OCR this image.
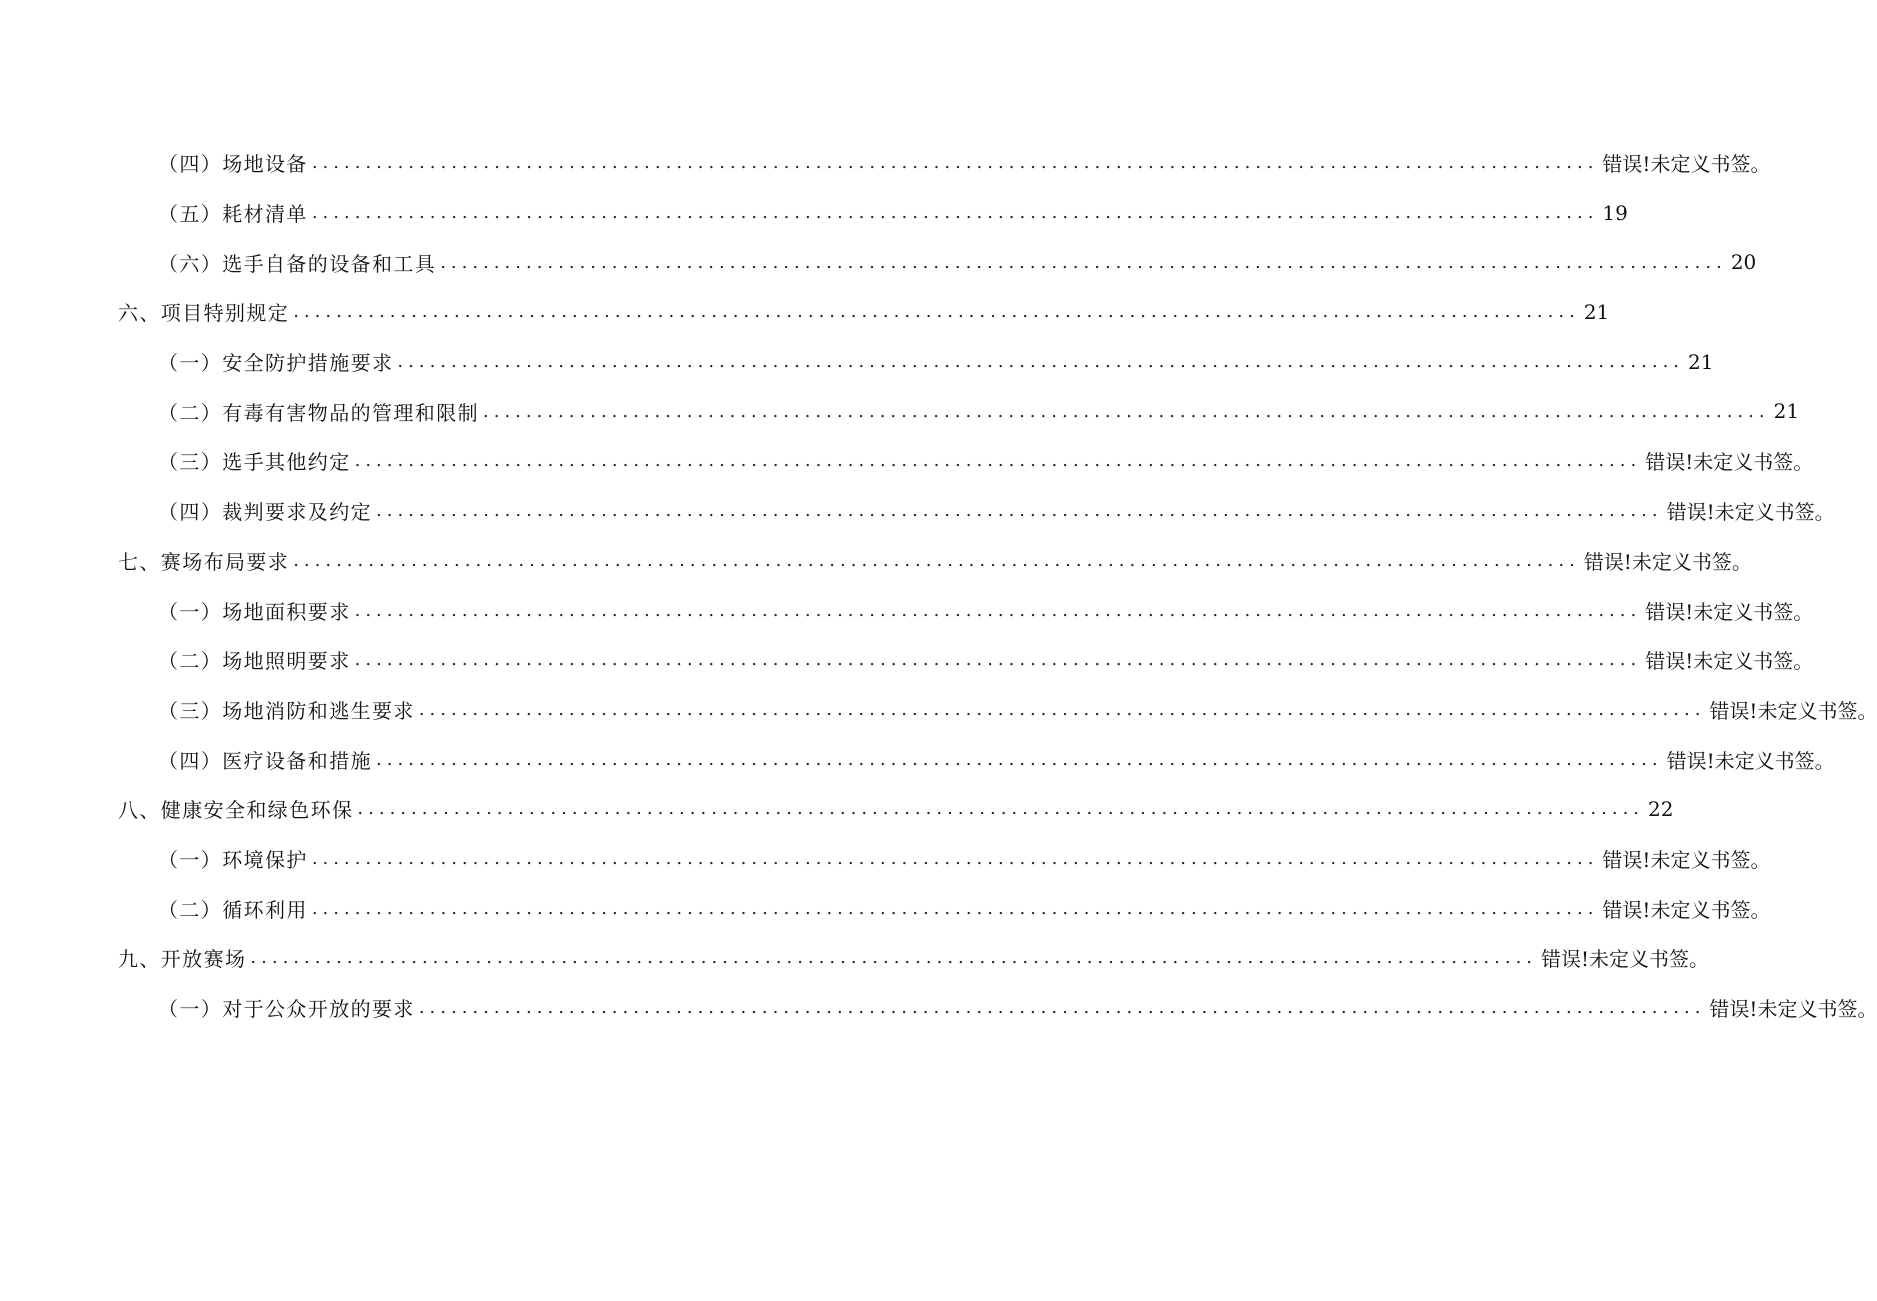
（四）场地设备 ........................................................................................................................ 错误!未定义书签。
（五）耗材清单 ........................................................................................................................ 19
（六）选手自备的设备和工具 ........................................................................................................................ 20
六、项目特别规定 ........................................................................................................................ 21
（一）安全防护措施要求 ........................................................................................................................ 21
（二）有毒有害物品的管理和限制 ........................................................................................................................ 21
（三）选手其他约定 ........................................................................................................................ 错误!未定义书签。
（四）裁判要求及约定 ........................................................................................................................ 错误!未定义书签。
七、赛场布局要求 ........................................................................................................................ 错误!未定义书签。
（一）场地面积要求 ........................................................................................................................ 错误!未定义书签。
（二）场地照明要求 ........................................................................................................................ 错误!未定义书签。
（三）场地消防和逃生要求 ........................................................................................................................ 错误!未定义书签。
（四）医疗设备和措施 ........................................................................................................................ 错误!未定义书签。
八、健康安全和绿色环保 ........................................................................................................................ 22
（一）环境保护 ........................................................................................................................ 错误!未定义书签。
（二）循环利用 ........................................................................................................................ 错误!未定义书签。
九、开放赛场 ........................................................................................................................ 错误!未定义书签。
（一）对于公众开放的要求 ........................................................................................................................ 错误!未定义书签。
